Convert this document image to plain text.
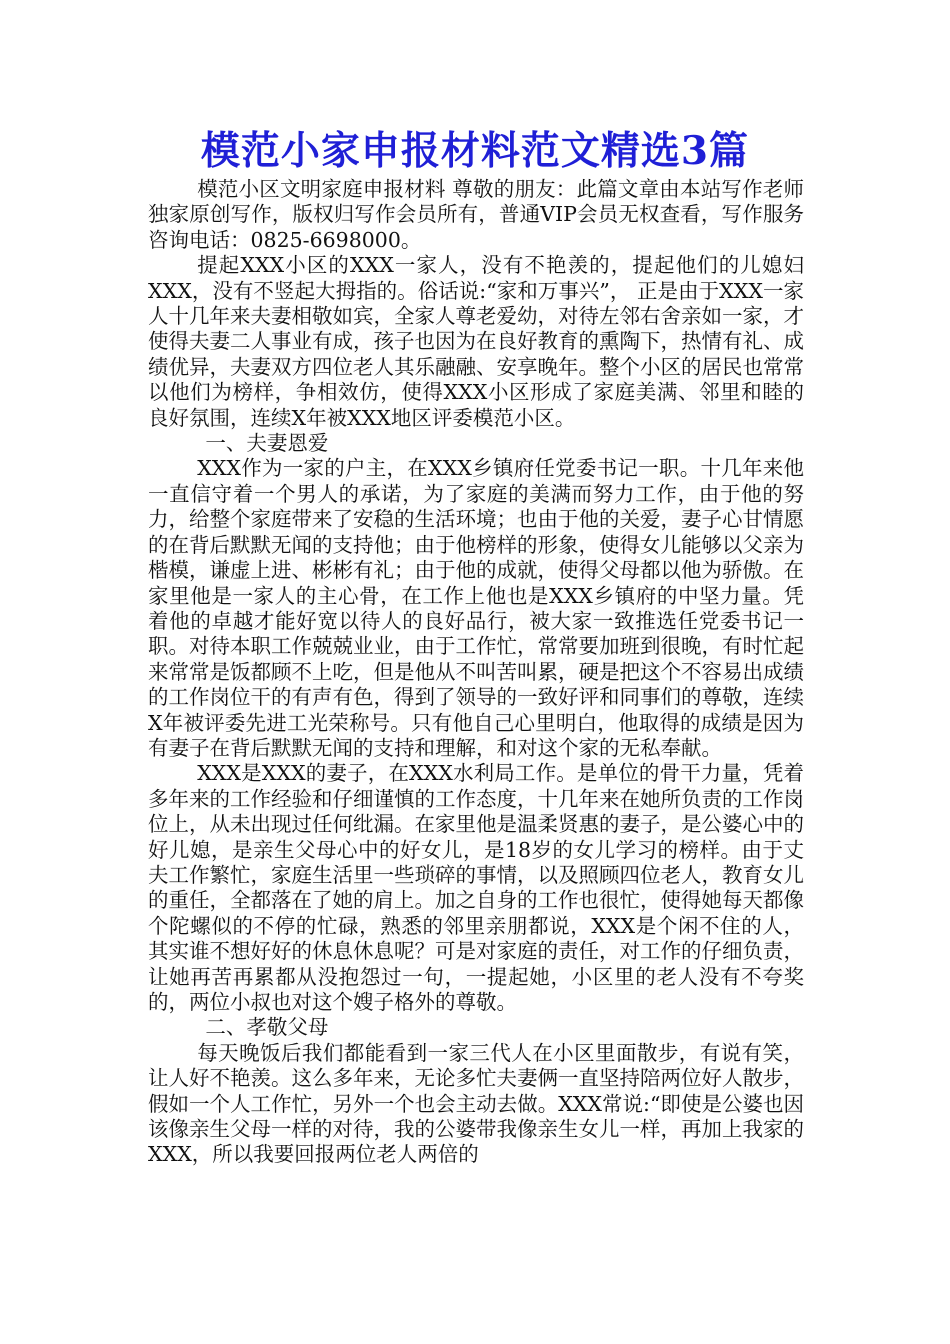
模范小家申报材料范文精选3篇

模范小区文明家庭申报材料 尊敬的朋友：此篇文章由本站写作老师独家原创写作，版权归写作会员所有，普通VIP会员无权查看，写作服务咨询电话：0825-6698000。

提起XXX小区的XXX一家人，没有不艳羡的，提起他们的儿媳妇XXX，没有不竖起大拇指的。俗话说:“家和万事兴”， 正是由于XXX一家人十几年来夫妻相敬如宾，全家人尊老爱幼，对待左邻右舍亲如一家，才使得夫妻二人事业有成，孩子也因为在良好教育的熏陶下，热情有礼、成绩优异，夫妻双方四位老人其乐融融、安享晚年。整个小区的居民也常常以他们为榜样，争相效仿，使得XXX小区形成了家庭美满、邻里和睦的良好氛围，连续X年被XXX地区评委模范小区。

一、夫妻恩爱

XXX作为一家的户主，在XXX乡镇府任党委书记一职。十几年来他一直信守着一个男人的承诺，为了家庭的美满而努力工作，由于他的努力，给整个家庭带来了安稳的生活环境；也由于他的关爱，妻子心甘情愿的在背后默默无闻的支持他；由于他榜样的形象，使得女儿能够以父亲为楷模，谦虚上进、彬彬有礼；由于他的成就，使得父母都以他为骄傲。在家里他是一家人的主心骨，在工作上他也是XXX乡镇府的中坚力量。凭着他的卓越才能好宽以待人的良好品行，被大家一致推选任党委书记一职。对待本职工作兢兢业业，由于工作忙，常常要加班到很晚，有时忙起来常常是饭都顾不上吃，但是他从不叫苦叫累，硬是把这个不容易出成绩的工作岗位干的有声有色，得到了领导的一致好评和同事们的尊敬，连续X年被评委先进工光荣称号。只有他自己心里明白，他取得的成绩是因为有妻子在背后默默无闻的支持和理解，和对这个家的无私奉献。

XXX是XXX的妻子，在XXX水利局工作。是单位的骨干力量，凭着多年来的工作经验和仔细谨慎的工作态度，十几年来在她所负责的工作岗位上，从未出现过任何纰漏。在家里他是温柔贤惠的妻子，是公婆心中的好儿媳，是亲生父母心中的好女儿，是18岁的女儿学习的榜样。由于丈夫工作繁忙，家庭生活里一些琐碎的事情，以及照顾四位老人，教育女儿的重任，全都落在了她的肩上。加之自身的工作也很忙，使得她每天都像个陀螺似的不停的忙碌，熟悉的邻里亲朋都说，XXX是个闲不住的人，其实谁不想好好的休息休息呢？可是对家庭的责任，对工作的仔细负责，让她再苦再累都从没抱怨过一句，一提起她，小区里的老人没有不夸奖的，两位小叔也对这个嫂子格外的尊敬。

二、孝敬父母

每天晚饭后我们都能看到一家三代人在小区里面散步，有说有笑，让人好不艳羡。这么多年来，无论多忙夫妻俩一直坚持陪两位好人散步，假如一个人工作忙，另外一个也会主动去做。XXX常说:“即使是公婆也因该像亲生父母一样的对待，我的公婆带我像亲生女儿一样，再加上我家的XXX，所以我要回报两位老人两倍的
